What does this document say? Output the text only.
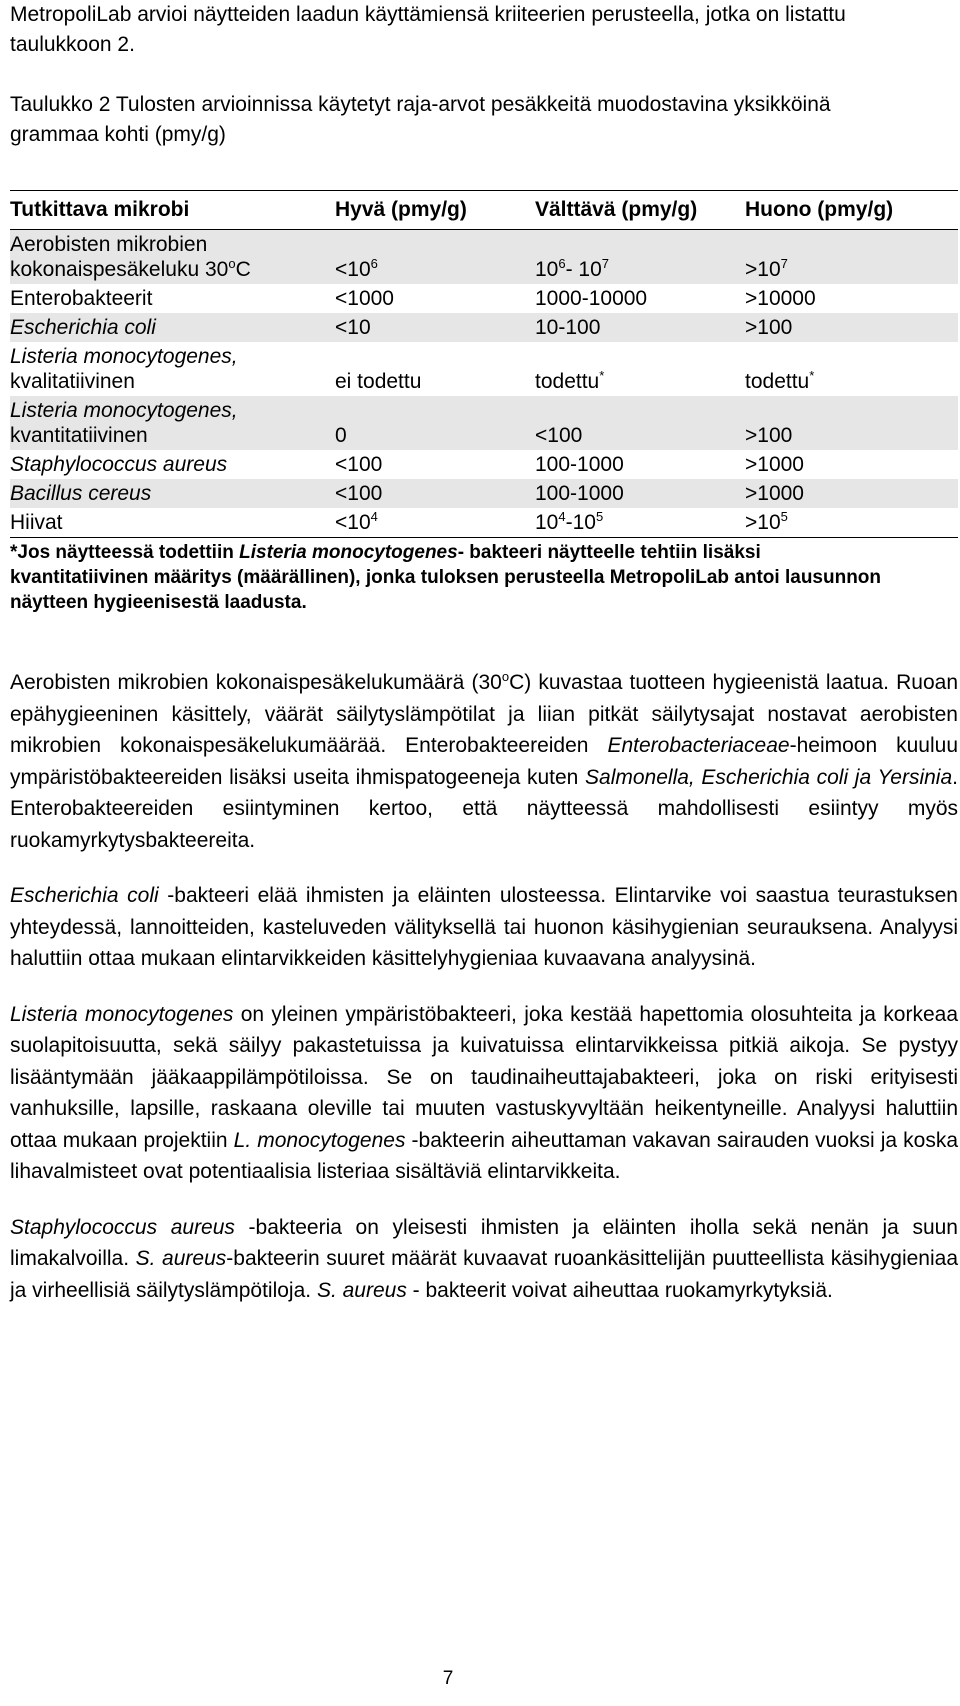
MetropoliLab arvioi näytteiden laadun käyttämiensä kriiteerien perusteella, jotka on listattu taulukkoon 2.

Taulukko 2 Tulosten arvioinnissa käytetyt raja-arvot pesäkkeitä muodostavina yksikköinä grammaa kohti (pmy/g)

Tutkittava mikrobi	Hyvä (pmy/g)	Välttävä (pmy/g)	Huono (pmy/g)
Aerobisten mikrobien
kokonaispesäkeluku $30^oC$	$<10^6$	$10^6-$ $10^7$	$>10^7$
Enterobakteerit	<1000	1000-10000	>10000
Escherichia coli	<10	10-100	>100
Listeria monocytogenes,
kvalitatiivinen	ei todettu	todettu*	todettu*
Listeria monocytogenes,
kvantitatiivinen	0	<100	>100
Staphylococcus aureus	<100	100-1000	>1000
Bacillus cereus	<100	100-1000	>1000
Hiivat	$<10^4$	$10^4-10^5$	$>10^5$

*Jos näytteessä todettiin Listeria monocytogenes- bakteeri näytteelle tehtiin lisäksi kvantitatiivinen määritys (määrällinen), jonka tuloksen perusteella MetropoliLab antoi lausunnon näytteen hygieenisestä laadusta.

Aerobisten mikrobien kokonaispesäkelukumäärä (30$^o$C) kuvastaa tuotteen hygieenistä laatua. Ruoan epähygieeninen käsittely, väärät säilytyslämpötilat ja liian pitkät säilytysajat nostavat aerobisten mikrobien kokonaispesäkelukumäärää. Enterobakteereiden Enterobacteriaceae-heimoon kuuluu ympäristöbakteereiden lisäksi useita ihmispatogeeneja kuten Salmonella, Escherichia coli ja Yersinia. Enterobakteereiden esiintyminen kertoo, että näytteessä mahdollisesti esiintyy myös ruokamyrkytysbakteereita.

Escherichia coli -bakteeri elää ihmisten ja eläinten ulosteessa. Elintarvike voi saastua teurastuksen yhteydessä, lannoitteiden, kasteluveden välityksellä tai huonon käsihygienian seurauksena. Analyysi haluttiin ottaa mukaan elintarvikkeiden käsittelyhygieniaa kuvaavana analyysinä.

Listeria monocytogenes on yleinen ympäristöbakteeri, joka kestää hapettomia olosuhteita ja korkeaa suolapitoisuutta, sekä säilyy pakastetuissa ja kuivatuissa elintarvikkeissa pitkiä aikoja. Se pystyy lisääntymään jääkaappilämpötiloissa. Se on taudinaiheuttajabakteeri, joka on riski erityisesti vanhuksille, lapsille, raskaana oleville tai muuten vastuskyvyltään heikentyneille. Analyysi haluttiin ottaa mukaan projektiin L. monocytogenes -bakteerin aiheuttaman vakavan sairauden vuoksi ja koska lihavalmisteet ovat potentiaalisia listeriaa sisältäviä elintarvikkeita.

Staphylococcus aureus -bakteeria on yleisesti ihmisten ja eläinten iholla sekä nenän ja suun limakalvoilla. S. aureus-bakteerin suuret määrät kuvaavat ruoankäsittelijän puutteellista käsihygieniaa ja virheellisiä säilytyslämpötiloja. S. aureus - bakteerit voivat aiheuttaa ruokamyrkytyksiä.

7
